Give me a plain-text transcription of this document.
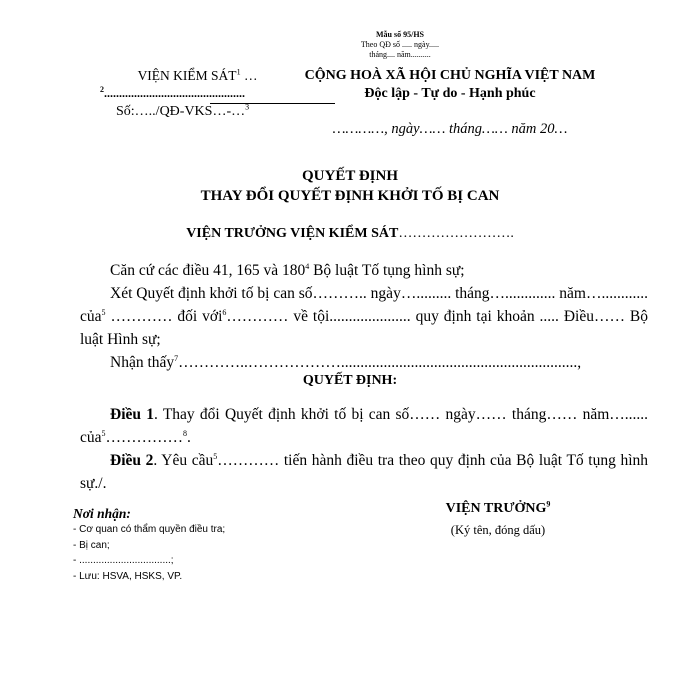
Mẫu số 95/HS
Theo QĐ số ..... ngày.....
tháng.... năm..........
VIỆN KIỂM SÁT$^1$ …
$^2$...............................................
Số:…../QĐ-VKS…-…$^3$
CỘNG HOÀ XÃ HỘI CHỦ NGHĨA VIỆT NAM
Độc lập - Tự do - Hạnh phúc
…………, ngày…… tháng…… năm 20…
QUYẾT ĐỊNH
THAY ĐỔI QUYẾT ĐỊNH KHỞI TỐ BỊ CAN
VIỆN TRƯỞNG VIỆN KIỂM SÁT…………………….
Căn cứ các điều 41, 165 và $180^4$ Bộ luật Tố tụng hình sự;
Xét Quyết định khởi tố bị can số……….. ngày…......... tháng…............. năm…............ của$^5$ ………… đối với$^6$………… về tội..................... quy định tại khoản ..... Điều…… Bộ luật Hình sự;
Nhận thấy$^7$…………..……………….............................................................,
QUYẾT ĐỊNH:
Điều 1. Thay đổi Quyết định khởi tố bị can số…… ngày…… tháng…… năm…...... của$^5$……………$^8$.
Điều 2. Yêu cầu$^5$………… tiến hành điều tra theo quy định của Bộ luật Tố tụng hình sự./.
Nơi nhận:
- Cơ quan có thẩm quyền điều tra;
- Bị can;
- .................................;
- Lưu: HSVA, HSKS, VP.
VIỆN TRƯỞNG$^9$
(Ký tên, đóng dấu)
